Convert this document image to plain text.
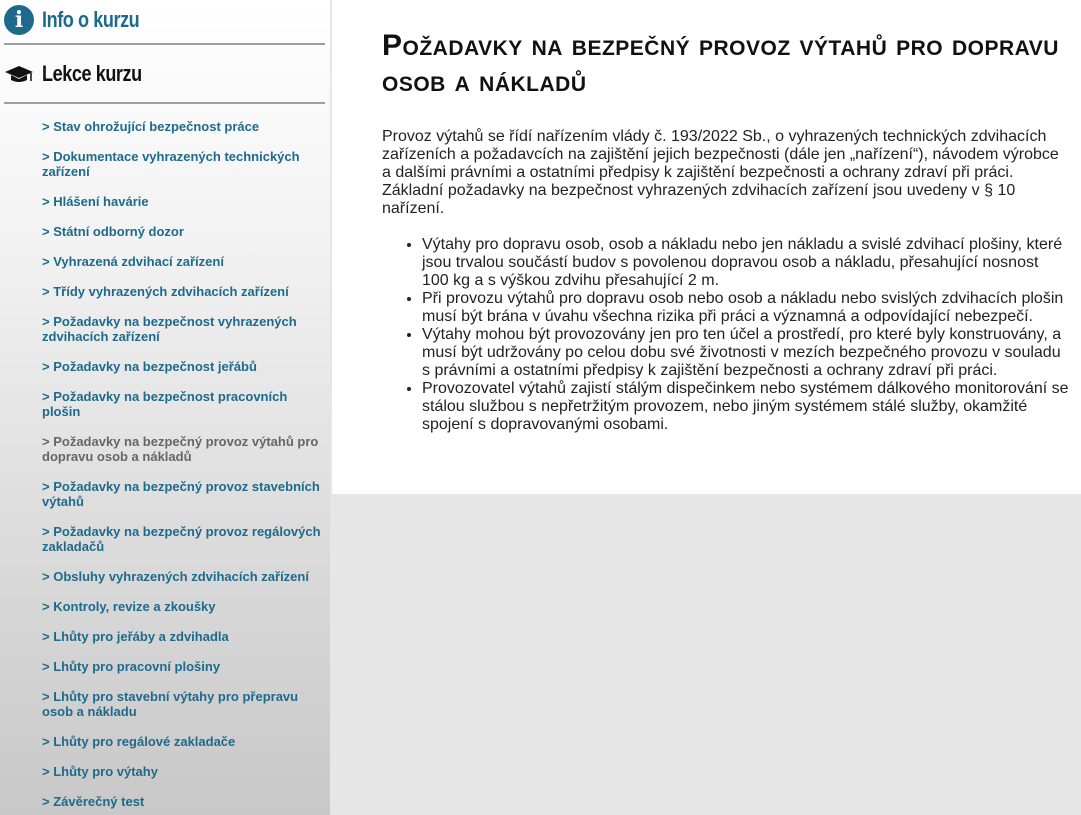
i Info o kurzu
Lekce kurzu
> Stav ohrožující bezpečnost práce
> Dokumentace vyhrazených technických zařízení
> Hlášení havárie
> Státní odborný dozor
> Vyhrazená zdvihací zařízení
> Třídy vyhrazených zdvihacích zařízení
> Požadavky na bezpečnost vyhrazených zdvihacích zařízení
> Požadavky na bezpečnost jeřábů
> Požadavky na bezpečnost pracovních plošin
> Požadavky na bezpečný provoz výtahů pro dopravu osob a nákladů
> Požadavky na bezpečný provoz stavebních výtahů
> Požadavky na bezpečný provoz regálových zakladačů
> Obsluhy vyhrazených zdvihacích zařízení
> Kontroly, revize a zkoušky
> Lhůty pro jeřáby a zdvihadla
> Lhůty pro pracovní plošiny
> Lhůty pro stavební výtahy pro přepravu osob a nákladu
> Lhůty pro regálové zakladače
> Lhůty pro výtahy
> Závěrečný test
Požadavky na bezpečný provoz výtahů pro dopravu osob a nákladů

Provoz výtahů se řídí nařízením vlády č. 193/2022 Sb., o vyhrazených technických zdvihacích zařízeních a požadavcích na zajištění jejich bezpečnosti (dále jen „nařízení“), návodem výrobce a dalšími právními a ostatními předpisy k zajištění bezpečnosti a ochrany zdraví při práci. Základní požadavky na bezpečnost vyhrazených zdvihacích zařízení jsou uvedeny v § 10 nařízení.

• Výtahy pro dopravu osob, osob a nákladu nebo jen nákladu a svislé zdvihací plošiny, které jsou trvalou součástí budov s povolenou dopravou osob a nákladu, přesahující nosnost 100 kg a s výškou zdvihu přesahující 2 m.
• Při provozu výtahů pro dopravu osob nebo osob a nákladu nebo svislých zdvihacích plošin musí být brána v úvahu všechna rizika při práci a významná a odpovídající nebezpečí.
• Výtahy mohou být provozovány jen pro ten účel a prostředí, pro které byly konstruovány, a musí být udržovány po celou dobu své životnosti v mezích bezpečného provozu v souladu s právními a ostatními předpisy k zajištění bezpečnosti a ochrany zdraví při práci.
• Provozovatel výtahů zajistí stálým dispečinkem nebo systémem dálkového monitorování se stálou službou s nepřetržitým provozem, nebo jiným systémem stálé služby, okamžité spojení s dopravovanými osobami.
